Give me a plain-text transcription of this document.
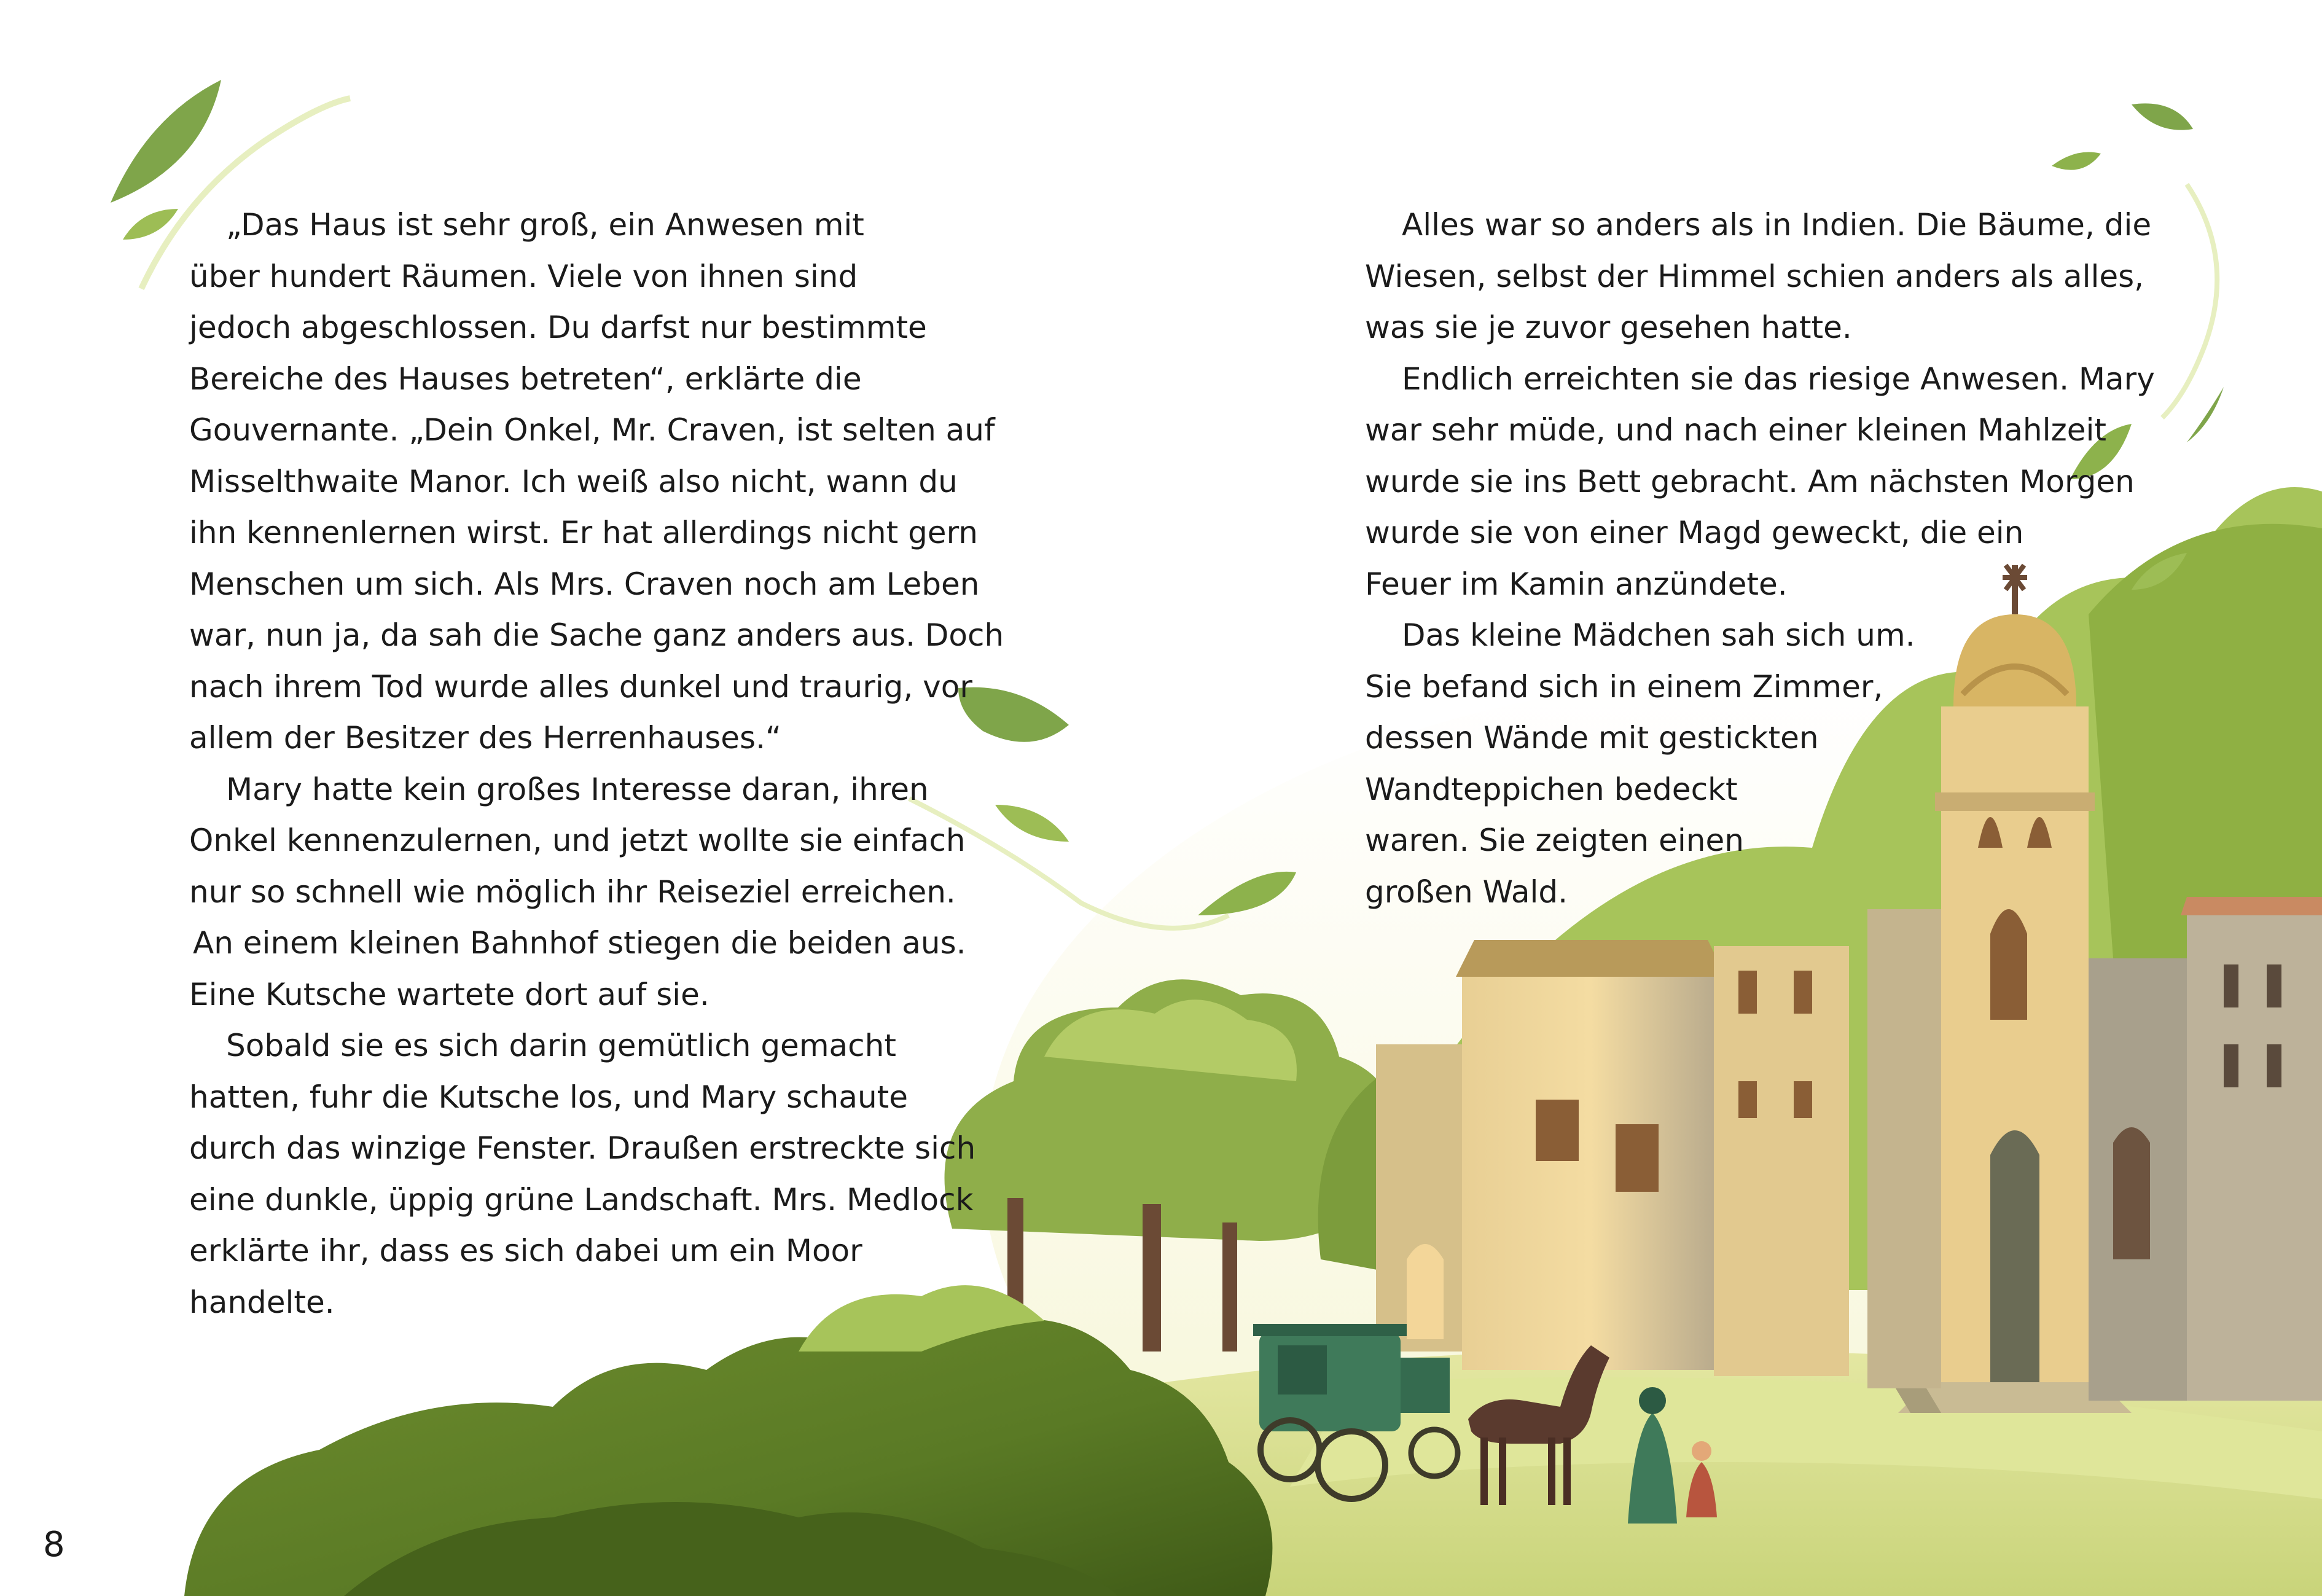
„Das Haus ist sehr groß, ein Anwesen mit
über hundert Räumen. Viele von ihnen sind
jedoch abgeschlossen. Du darfst nur bestimmte
Bereiche des Hauses betreten“, erklärte die
Gouvernante. „Dein Onkel, Mr. Craven, ist selten auf
Misselthwaite Manor. Ich weiß also nicht, wann du
ihn kennenlernen wirst. Er hat allerdings nicht gern
Menschen um sich. Als Mrs. Craven noch am Leben
war, nun ja, da sah die Sache ganz anders aus. Doch
nach ihrem Tod wurde alles dunkel und traurig, vor
allem der Besitzer des Herrenhauses.“
Mary hatte kein großes Interesse daran, ihren
Onkel kennenzulernen, und jetzt wollte sie einfach
nur so schnell wie möglich ihr Reiseziel erreichen.
An einem kleinen Bahnhof stiegen die beiden aus.
Eine Kutsche wartete dort auf sie.
Sobald sie es sich darin gemütlich gemacht
hatten, fuhr die Kutsche los, und Mary schaute
durch das winzige Fenster. Draußen erstreckte sich
eine dunkle, üppig grüne Landschaft. Mrs. Medlock
erklärte ihr, dass es sich dabei um ein Moor
handelte.
Alles war so anders als in Indien. Die Bäume, die
Wiesen, selbst der Himmel schien anders als alles,
was sie je zuvor gesehen hatte.
Endlich erreichten sie das riesige Anwesen. Mary
war sehr müde, und nach einer kleinen Mahlzeit
wurde sie ins Bett gebracht. Am nächsten Morgen
wurde sie von einer Magd geweckt, die ein
Feuer im Kamin anzündete.
Das kleine Mädchen sah sich um.
Sie befand sich in einem Zimmer,
dessen Wände mit gestickten
Wandteppichen bedeckt
waren. Sie zeigten einen
großen Wald.
8
